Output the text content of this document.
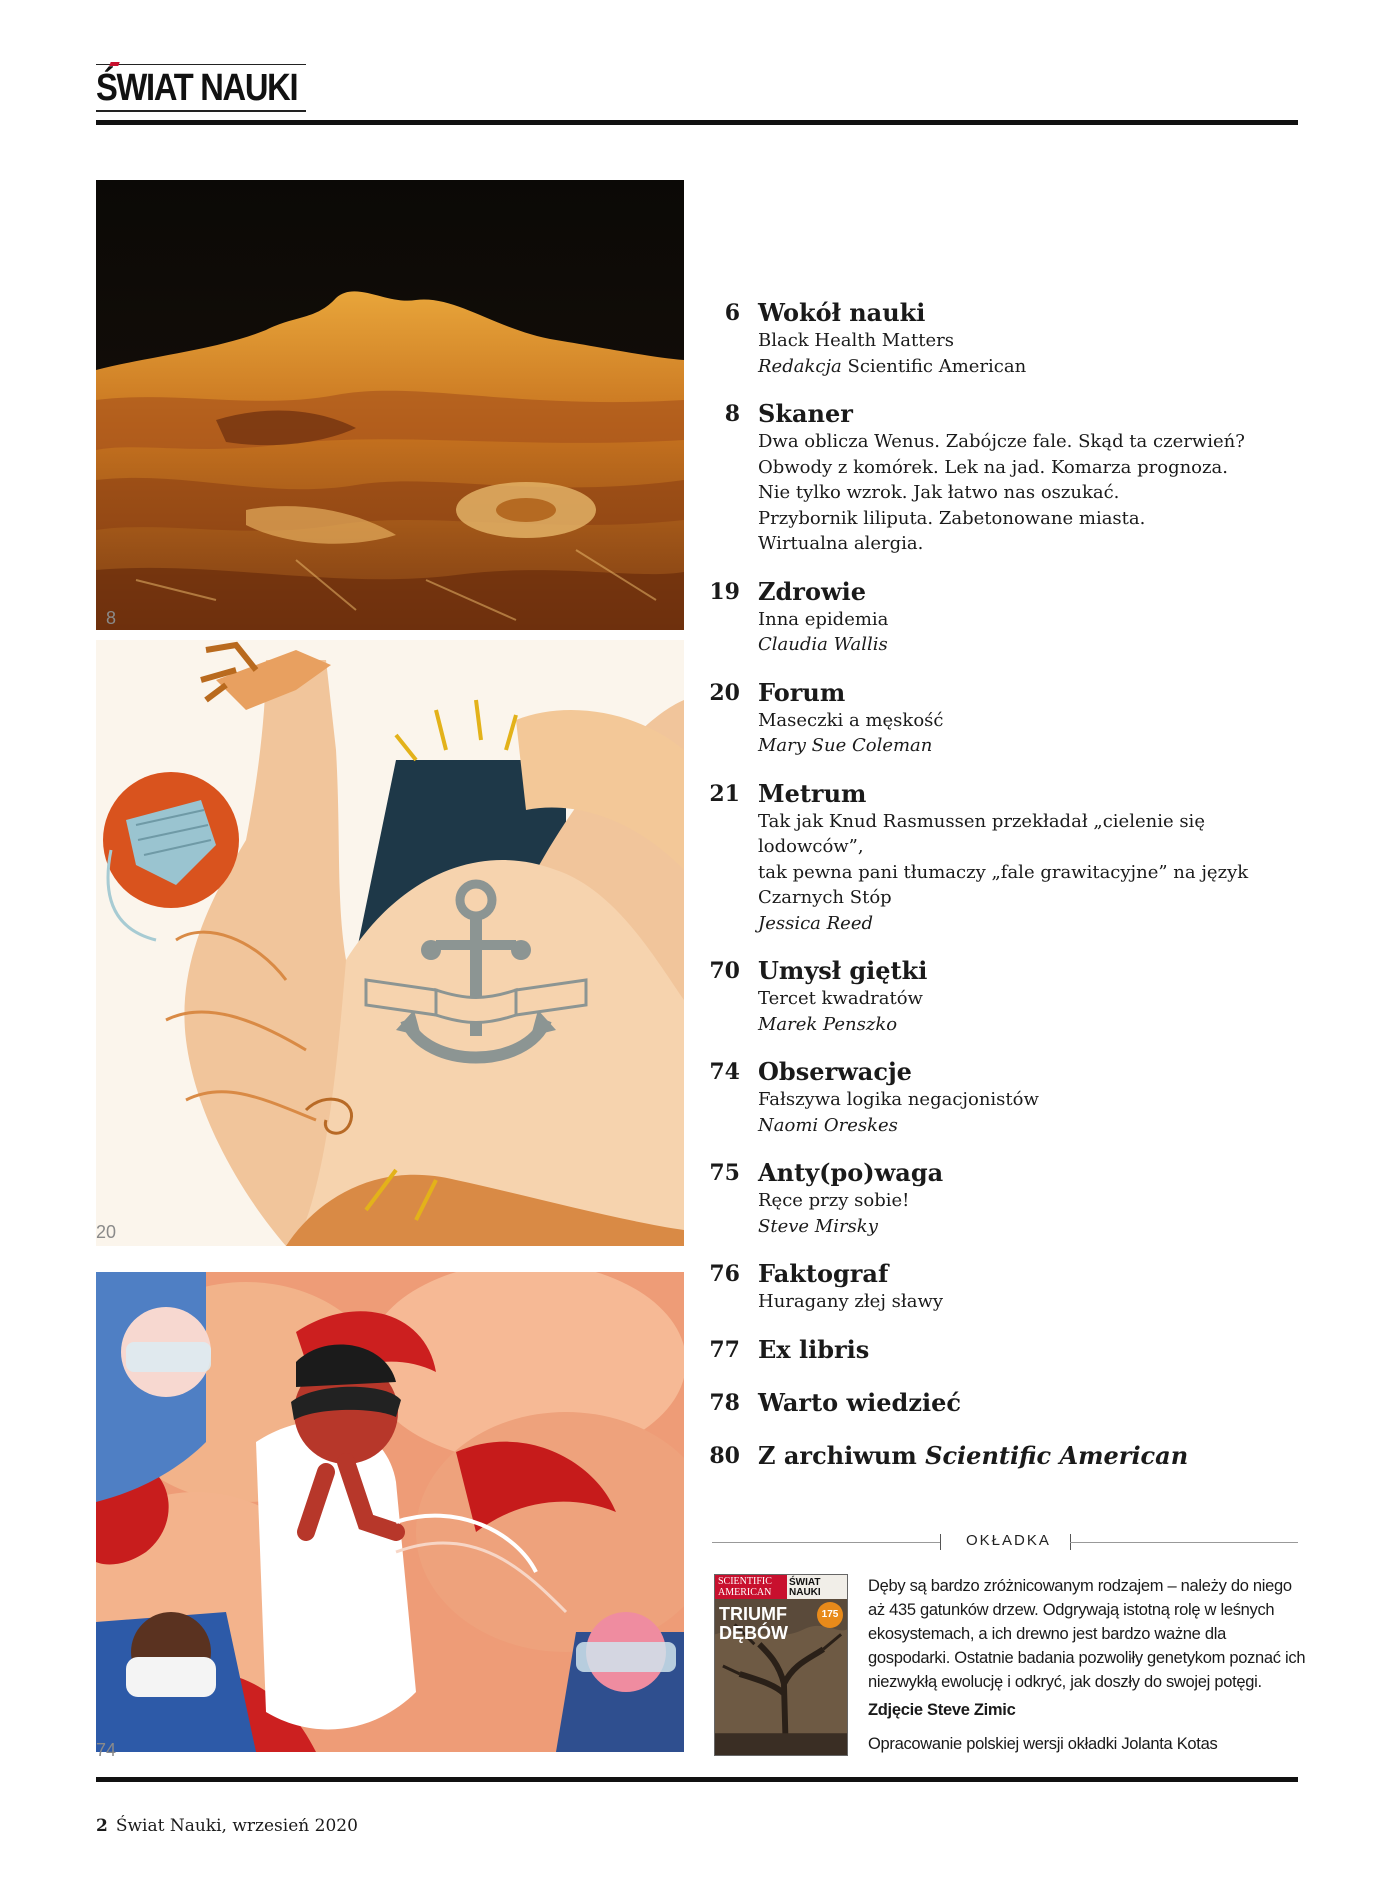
ŚWIAT NAUKI
8
20
74
6 Wokół nauki
Black Health Matters
Redakcja Scientific American
8 Skaner
Dwa oblicza Wenus. Zabójcze fale. Skąd ta czerwień?
Obwody z komórek. Lek na jad. Komarza prognoza.
Nie tylko wzrok. Jak łatwo nas oszukać.
Przybornik liliputa. Zabetonowane miasta.
Wirtualna alergia.
19 Zdrowie
Inna epidemia
Claudia Wallis
20 Forum
Maseczki a męskość
Mary Sue Coleman
21 Metrum
Tak jak Knud Rasmussen przekładał „cielenie się lodowców”,
tak pewna pani tłumaczy „fale grawitacyjne” na język
Czarnych Stóp
Jessica Reed
70 Umysł giętki
Tercet kwadratów
Marek Penszko
74 Obserwacje
Fałszywa logika negacjonistów
Naomi Oreskes
75 Anty(po)waga
Ręce przy sobie!
Steve Mirsky
76 Faktograf
Huragany złej sławy
77 Ex libris
78 Warto wiedzieć
80 Z archiwum Scientific American
OKŁADKA
SCIENTIFIC AMERICAN
ŚWIAT NAUKI
TRIUMF
DĘBÓW
175
Dęby są bardzo zróżnicowanym rodzajem – należy do niego aż 435 gatunków drzew. Odgrywają istotną rolę w leśnych ekosystemach, a ich drewno jest bardzo ważne dla gospodarki. Ostatnie badania pozwoliły genetykom poznać ich niezwykłą ewolucję i odkryć, jak doszły do swojej potęgi.
Zdjęcie Steve Zimic
Opracowanie polskiej wersji okładki Jolanta Kotas
2 Świat Nauki, wrzesień 2020
